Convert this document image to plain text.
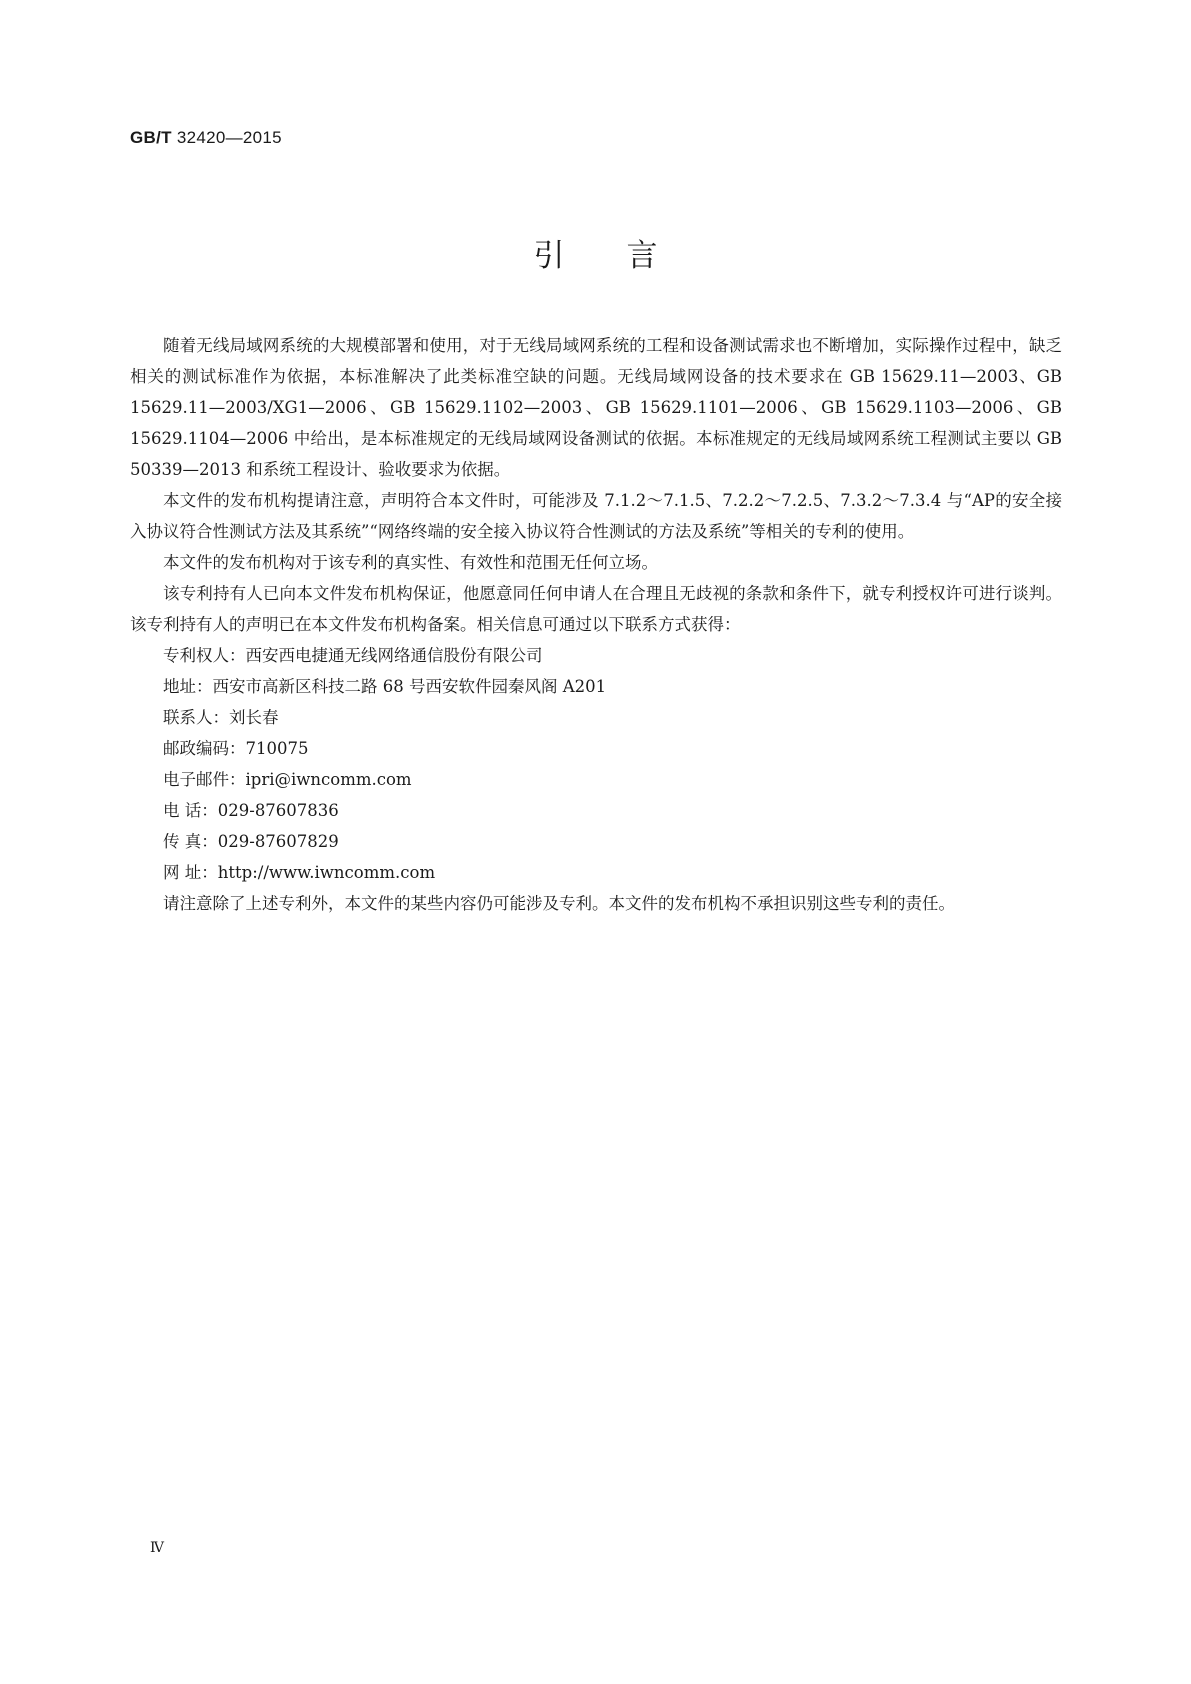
GB/T 32420—2015
引言

随着无线局域网系统的大规模部署和使用，对于无线局域网系统的工程和设备测试需求也不断增加，实际操作过程中，缺乏相关的测试标准作为依据，本标准解决了此类标准空缺的问题。无线局域网设备的技术要求在 GB 15629.11—2003、GB 15629.11—2003/XG1—2006、GB 15629.1102—2003、GB 15629.1101—2006、GB 15629.1103—2006、GB 15629.1104—2006 中给出，是本标准规定的无线局域网设备测试的依据。本标准规定的无线局域网系统工程测试主要以 GB 50339—2013 和系统工程设计、验收要求为依据。

本文件的发布机构提请注意，声明符合本文件时，可能涉及 7.1.2～7.1.5、7.2.2～7.2.5、7.3.2～7.3.4 与“AP的安全接入协议符合性测试方法及其系统”“网络终端的安全接入协议符合性测试的方法及系统”等相关的专利的使用。

本文件的发布机构对于该专利的真实性、有效性和范围无任何立场。

该专利持有人已向本文件发布机构保证，他愿意同任何申请人在合理且无歧视的条款和条件下，就专利授权许可进行谈判。该专利持有人的声明已在本文件发布机构备案。相关信息可通过以下联系方式获得：

专利权人：西安西电捷通无线网络通信股份有限公司

地址：西安市高新区科技二路 68 号西安软件园秦风阁 A201

联系人：刘长春

邮政编码：710075

电子邮件：ipri@iwncomm.com

电 话：029-87607836

传 真：029-87607829

网 址：http://www.iwncomm.com

请注意除了上述专利外，本文件的某些内容仍可能涉及专利。本文件的发布机构不承担识别这些专利的责任。

Ⅳ
